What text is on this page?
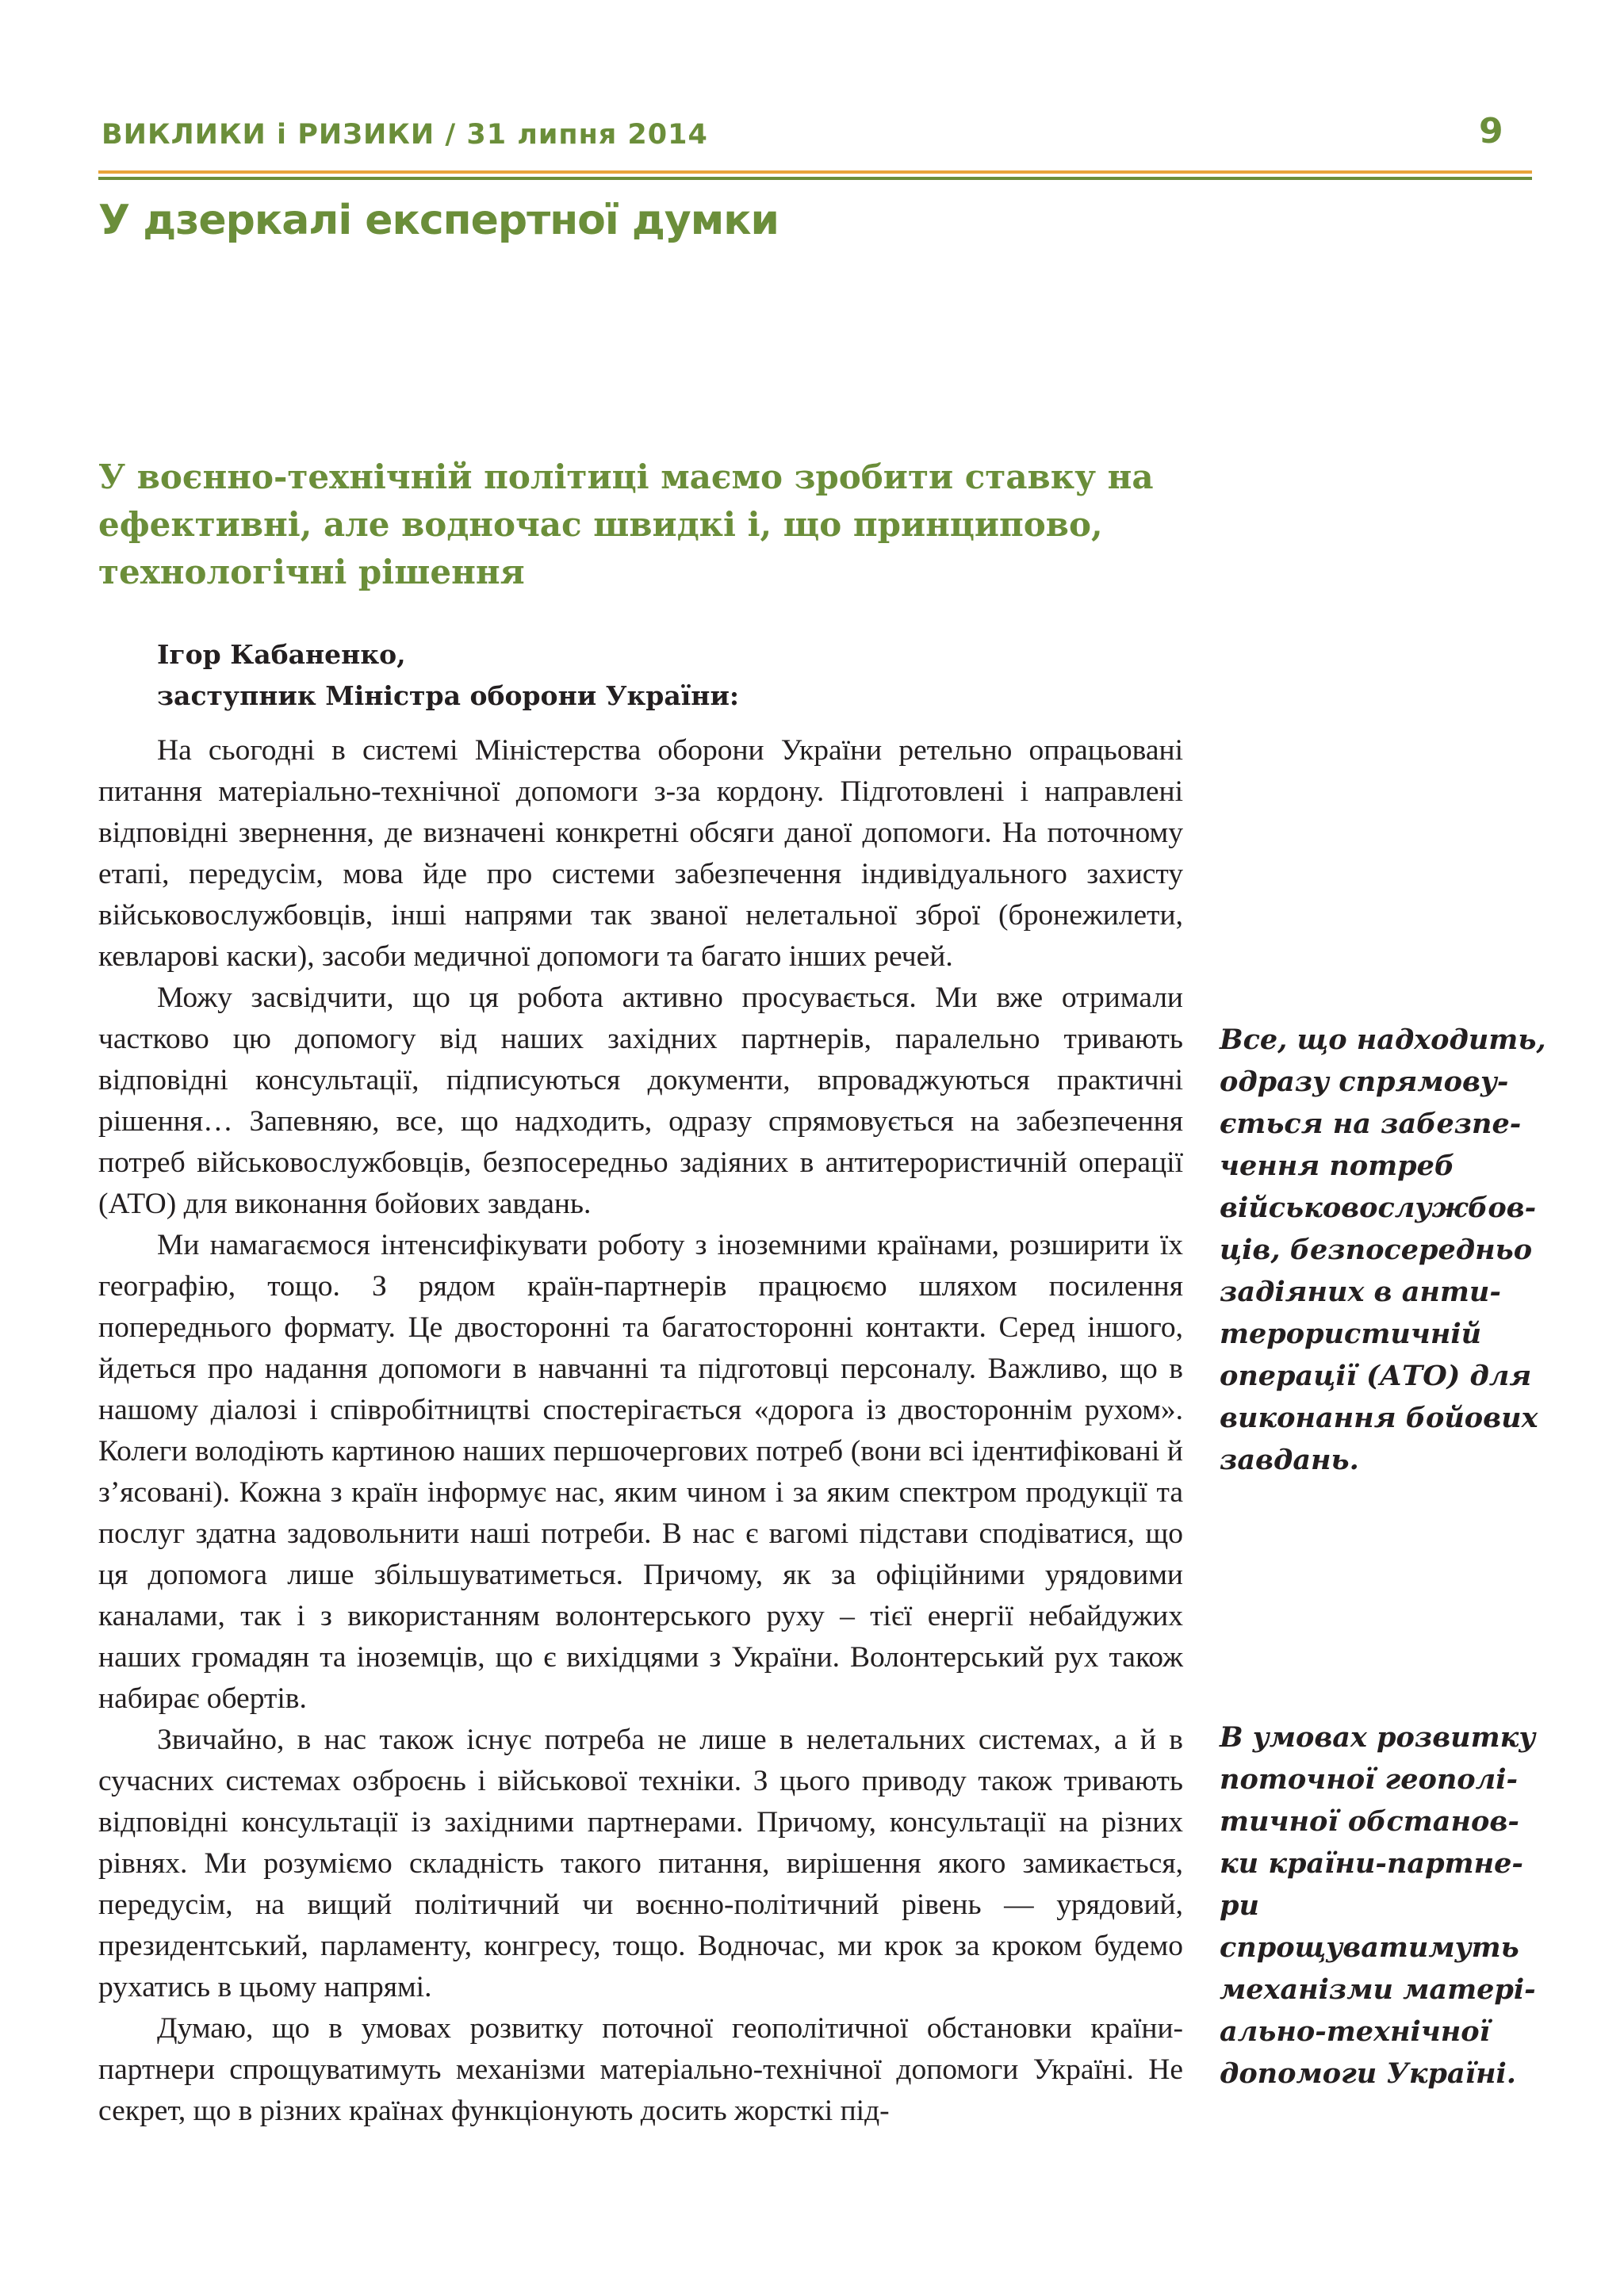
ВИКЛИКИ і РИЗИКИ / 31 липня 2014	9
У дзеркалі експертної думки
У воєнно-технічній політиці маємо зробити ставку на ефективні, але водночас швидкі і, що принципово, технологічні рішення
Ігор Кабаненко,
заступник Міністра оборони України:

На сьогодні в системі Міністерства оборони України ретельно опрацьовані питання матеріально-технічної допомоги з-за кордону. Підготовлені і направлені відповідні звернення, де визначені конкретні обсяги даної допомоги. На поточному етапі, передусім, мова йде про системи забезпечення індивідуального захисту військовослужбовців, інші напрями так званої нелетальної зброї (бронежилети, кевларові каски), засоби медичної допомоги та багато інших речей.

Можу засвідчити, що ця робота активно просувається. Ми вже отримали частково цю допомогу від наших західних партнерів, паралельно тривають відповідні консультації, підписуються документи, впроваджуються практичні рішення… Запевняю, все, що надходить, одразу спрямовується на забезпечення потреб військовослужбовців, безпосередньо задіяних в антитерористичній операції (АТО) для виконання бойових завдань.

Ми намагаємося інтенсифікувати роботу з іноземними країнами, розширити їх географію, тощо. З рядом країн-партнерів працюємо шляхом посилення попереднього формату. Це двосторонні та багатосторонні контакти. Серед іншого, йдеться про надання допомоги в навчанні та підготовці персоналу. Важливо, що в нашому діалозі і співробітництві спостерігається «дорога із двостороннім рухом». Колеги володіють картиною наших першочергових потреб (вони всі ідентифіковані й з’ясовані). Кожна з країн інформує нас, яким чином і за яким спектром продукції та послуг здатна задовольнити наші потреби. В нас є вагомі підстави сподіватися, що ця допомога лише збільшуватиметься. Причому, як за офіційними урядовими каналами, так і з використанням волонтерського руху – тієї енергії небайдужих наших громадян та іноземців, що є вихідцями з України. Волонтерський рух також набирає обертів.

Звичайно, в нас також існує потреба не лише в нелетальних системах, а й в сучасних системах озброєнь і військової техніки. З цього приводу також тривають відповідні консультації із західними партнерами. Причому, консультації на різних рівнях. Ми розуміємо складність такого питання, вирішення якого замикається, передусім, на вищий політичний чи воєнно-політичний рівень — урядовий, президентський, парламенту, конгресу, тощо. Водночас, ми крок за кроком будемо рухатись в цьому напрямі.

Думаю, що в умовах розвитку поточної геополітичної обстановки країни-партнери спрощуватимуть механізми матеріально-технічної допомоги Україні. Не секрет, що в різних країнах функціонують досить жорсткі під-

Все, що надходить,
одразу спрямову-
ється на забезпе-
чення потреб
військовослужбов-
ців, безпосередньо
задіяних в анти-
терористичній
операції (АТО) для
виконання бойових
завдань.
В умовах розвитку
поточної геополі-
тичної обстанов-
ки країни-партне-
ри
спрощуватимуть
механізми матері-
ально-технічної
допомоги Україні.
